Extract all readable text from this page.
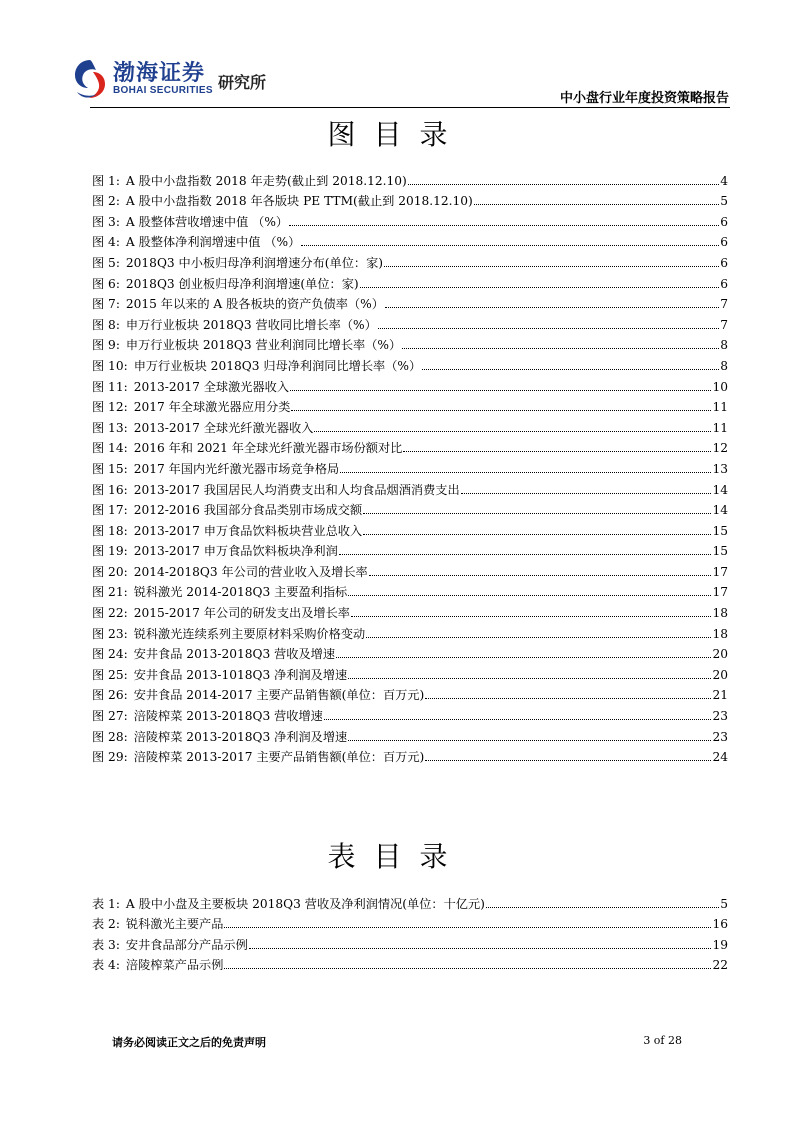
渤海证券
BOHAI SECURITIES 研究所
中小盘行业年度投资策略报告
图目录
图 1: A 股中小盘指数 2018 年走势(截止到 2018.12.10)	4
图 2: A 股中小盘指数 2018 年各版块 PE TTM(截止到 2018.12.10)	5
图 3: A 股整体营收增速中值 （%）	6
图 4: A 股整体净利润增速中值 （%）	6
图 5: 2018Q3 中小板归母净利润增速分布(单位：家)	6
图 6: 2018Q3 创业板归母净利润增速(单位：家)	6
图 7: 2015 年以来的 A 股各板块的资产负债率（%）	7
图 8: 申万行业板块 2018Q3 营收同比增长率（%）	7
图 9: 申万行业板块 2018Q3 营业利润同比增长率（%）	8
图 10: 申万行业板块 2018Q3 归母净利润同比增长率（%）	8
图 11: 2013-2017 全球激光器收入	10
图 12: 2017 年全球激光器应用分类	11
图 13: 2013-2017 全球光纤激光器收入	11
图 14: 2016 年和 2021 年全球光纤激光器市场份额对比	12
图 15: 2017 年国内光纤激光器市场竞争格局	13
图 16: 2013-2017 我国居民人均消费支出和人均食品烟酒消费支出	14
图 17: 2012-2016 我国部分食品类别市场成交额	14
图 18: 2013-2017 申万食品饮料板块营业总收入	15
图 19: 2013-2017 申万食品饮料板块净利润	15
图 20: 2014-2018Q3 年公司的营业收入及增长率	17
图 21: 锐科激光 2014-2018Q3 主要盈利指标	17
图 22: 2015-2017 年公司的研发支出及增长率	18
图 23: 锐科激光连续系列主要原材料采购价格变动	18
图 24: 安井食品 2013-2018Q3 营收及增速	20
图 25: 安井食品 2013-1018Q3 净利润及增速	20
图 26: 安井食品 2014-2017 主要产品销售额(单位：百万元)	21
图 27: 涪陵榨菜 2013-2018Q3 营收增速	23
图 28: 涪陵榨菜 2013-2018Q3 净利润及增速	23
图 29: 涪陵榨菜 2013-2017 主要产品销售额(单位：百万元)	24
表目录
表 1: A 股中小盘及主要板块 2018Q3 营收及净利润情况(单位：十亿元)	5
表 2: 锐科激光主要产品	16
表 3: 安井食品部分产品示例	19
表 4: 涪陵榨菜产品示例	22
请务必阅读正文之后的免责声明	3 of 28
